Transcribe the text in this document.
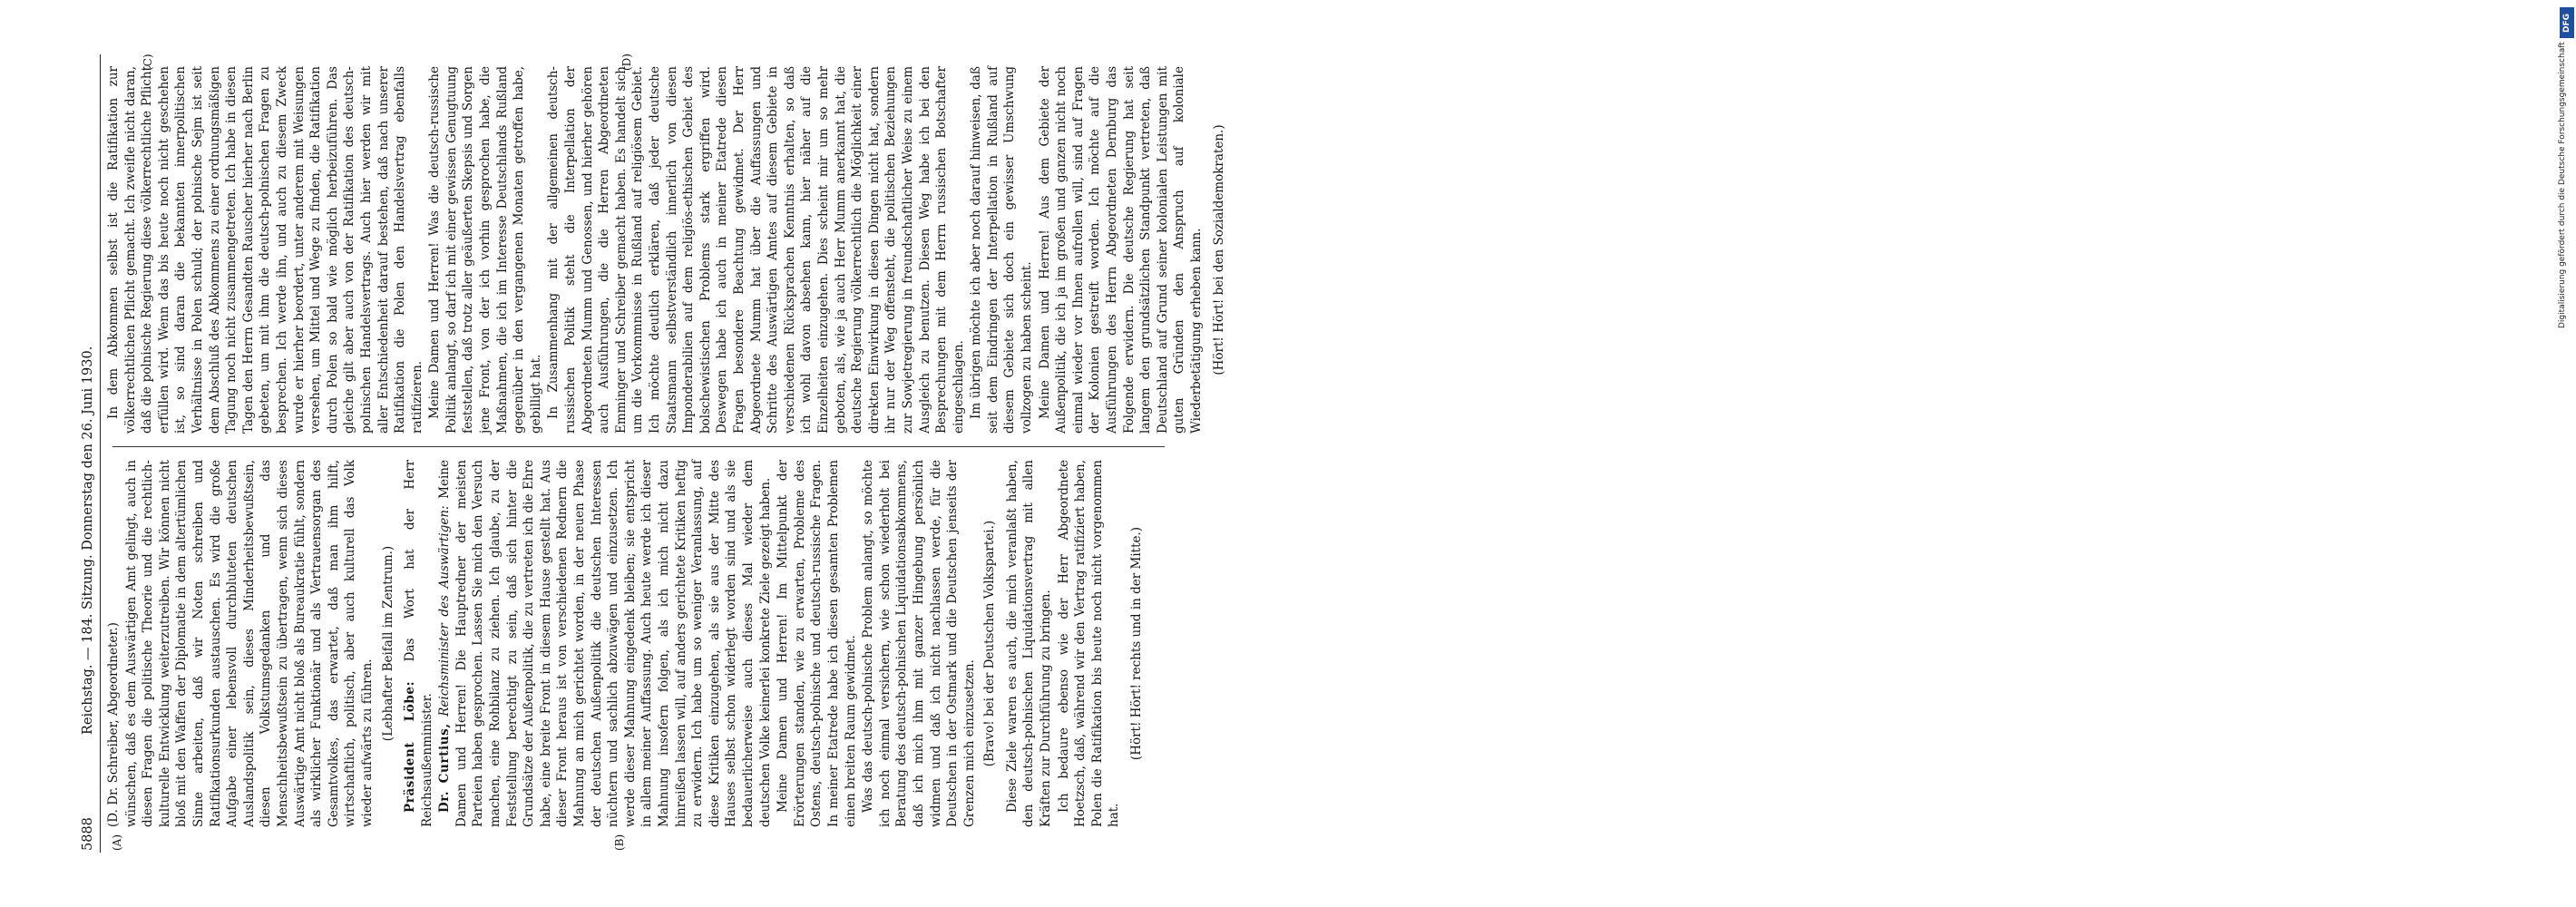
DFG
Digitalisierung gefördert durch die Deutsche Forschungsgemeinschaft
5888
Reichstag. — 184. Sitzung. Donnerstag den 26. Juni 1930.
(A)	(B)
(C)	(D)

(D. Dr. Schreiber, Abgeordneter.) wünschen, daß es dem Auswärtigen Amt gelingt, auch in diesen Fragen die politische Theorie und die rechtlich-kulturelle Entwicklung weiterzutreiben. Wir können nicht bloß mit den Waffen der Diplomatie in dem altertümlichen Sinne arbeiten, daß wir Noten schreiben und Ratifikationsurkunden austauschen. Es wird die große Aufgabe einer lebensvoll durchbluteten deutschen Auslandspolitik sein, dieses Minderheitsbewußtsein, diesen Volkstumsgedanken und das Menschheitsbewußtsein zu übertragen, wenn sich dieses Auswärtige Amt nicht bloß als Bureaukratie fühlt, sondern als wirklicher Funktionär und als Vertrauensorgan des Gesamtvolkes, das erwartet, daß man ihm hilft, wirtschaftlich, politisch, aber auch kulturell das Volk wieder aufwärts zu führen.

(Lebhafter Beifall im Zentrum.)

Präsident Löbe: Das Wort hat der Herr Reichsaußenminister. Dr. Curtius, Reichsminister des Auswärtigen: Meine Damen und Herren! Die Hauptredner der meisten Parteien haben gesprochen. Lassen Sie mich den Versuch machen, eine Rohbilanz zu ziehen. Ich glaube, zu der Feststellung berechtigt zu sein, daß sich hinter die Grundsätze der Außenpolitik, die zu vertreten ich die Ehre habe, eine breite Front in diesem Hause gestellt hat. Aus dieser Front heraus ist von verschiedenen Rednern die Mahnung an mich gerichtet worden, in der neuen Phase der deutschen Außenpolitik die deutschen Interessen nüchtern und sachlich abzuwägen und einzusetzen. Ich werde dieser Mahnung eingedenk bleiben; sie entspricht in allem meiner Auffassung. Auch heute werde ich dieser Mahnung insofern folgen, als ich mich nicht dazu hinreißen lassen will, auf anders gerichtete Kritiken heftig zu erwidern. Ich habe um so weniger Veranlassung, auf diese Kritiken einzugehen, als sie aus der Mitte des Hauses selbst schon widerlegt worden sind und als sie bedauerlicherweise auch dieses Mal wieder dem deutschen Volke keinerlei konkrete Ziele gezeigt haben. Meine Damen und Herren! Im Mittelpunkt der Erörterungen standen, wie zu erwarten, Probleme des Ostens, deutsch-polnische und deutsch-russische Fragen. In meiner Etatrede habe ich diesen gesamten Problemen einen breiten Raum gewidmet. Was das deutsch-polnische Problem anlangt, so möchte ich noch einmal versichern, wie schon wiederholt bei Beratung des deutsch-polnischen Liquidationsabkommens, daß ich mich ihm mit ganzer Hingebung persönlich widmen und daß ich nicht nachlassen werde, für die Deutschen in der Ostmark und die Deutschen jenseits der Grenzen mich einzusetzen. (Bravo! bei der Deutschen Volkspartei.) Diese Ziele waren es auch, die mich veranlaßt haben, den deutsch-polnischen Liquidationsvertrag mit allen Kräften zur Durchführung zu bringen. Ich bedaure ebenso wie der Herr Abgeordnete Hoetzsch, daß, während wir den Vertrag ratifiziert haben, Polen die Ratifikation bis heute noch nicht vorgenommen hat.

(Hört! Hört! rechts und in der Mitte.)

In dem Abkommen selbst ist die Ratifikation zur völkerrechtlichen Pflicht gemacht. Ich zweifle nicht daran, daß die polnische Regierung diese völkerrechtliche Pflicht erfüllen wird. Wenn das bis heute noch nicht geschehen ist, so sind daran die bekannten innerpolitischen Verhältnisse in Polen schuld; der polnische Sejm ist seit dem Abschluß des Abkommens zu einer ordnungsmäßigen Tagung noch nicht zusammengetreten. Ich habe in diesen Tagen den Herrn Gesandten Rauscher hierher nach Berlin gebeten, um mit ihm die deutsch-polnischen Fragen zu besprechen. Ich werde ihn, und auch zu diesem Zweck wurde er hierher beordert, unter anderem mit Weisungen versehen, um Mittel und Wege zu finden, die Ratifikation durch Polen so bald wie möglich herbeizuführen. Das gleiche gilt aber auch von der Ratifikation des deutsch-polnischen Handelsvertrags. Auch hier werden wir mit aller Entschiedenheit darauf bestehen, daß nach unserer Ratifikation die Polen den Handelsvertrag ebenfalls ratifizieren. Meine Damen und Herren! Was die deutsch-russische Politik anlangt, so darf ich mit einer gewissen Genugtuung feststellen, daß trotz aller geäußerten Skepsis und Sorgen jene Front, von der ich vorhin gesprochen habe, die Maßnahmen, die ich im Interesse Deutschlands Rußland gegenüber in den vergangenen Monaten getroffen habe, gebilligt hat. In Zusammenhang mit der allgemeinen deutsch-russischen Politik steht die Interpellation der Abgeordneten Mumm und Genossen, und hierher gehören auch Ausführungen, die die Herren Abgeordneten Emminger und Schreiber gemacht haben. Es handelt sich um die Vorkommnisse in Rußland auf religiösem Gebiet. Ich möchte deutlich erklären, daß jeder deutsche Staatsmann selbstverständlich innerlich von diesen Imponderabilien auf dem religiös-ethischen Gebiet des bolschewistischen Problems stark ergriffen wird. Deswegen habe ich auch in meiner Etatrede diesen Fragen besondere Beachtung gewidmet. Der Herr Abgeordnete Mumm hat über die Auffassungen und Schritte des Auswärtigen Amtes auf diesem Gebiete in verschiedenen Rücksprachen Kenntnis erhalten, so daß ich wohl davon absehen kann, hier näher auf die Einzelheiten einzugehen. Dies scheint mir um so mehr geboten, als, wie ja auch Herr Mumm anerkannt hat, die deutsche Regierung völkerrechtlich die Möglichkeit einer direkten Einwirkung in diesen Dingen nicht hat, sondern ihr nur der Weg offensteht, die politischen Beziehungen zur Sowjetregierung in freundschaftlicher Weise zu einem Ausgleich zu benutzen. Diesen Weg habe ich bei den Besprechungen mit dem Herrn russischen Botschafter eingeschlagen. Im übrigen möchte ich aber noch darauf hinweisen, daß seit dem Eindringen der Interpellation in Rußland auf diesem Gebiete sich doch ein gewisser Umschwung vollzogen zu haben scheint. Meine Damen und Herren! Aus dem Gebiete der Außenpolitik, die ich ja im großen und ganzen nicht noch einmal wieder vor Ihnen aufrollen will, sind auf Fragen der Kolonien gestreift worden. Ich möchte auf die Ausführungen des Herrn Abgeordneten Dernburg das Folgende erwidern. Die deutsche Regierung hat seit langem den grundsätzlichen Standpunkt vertreten, daß Deutschland auf Grund seiner kolonialen Leistungen mit guten Gründen den Anspruch auf koloniale Wiederbetätigung erheben kann. (Hört! Hört! bei den Sozialdemokraten.)
